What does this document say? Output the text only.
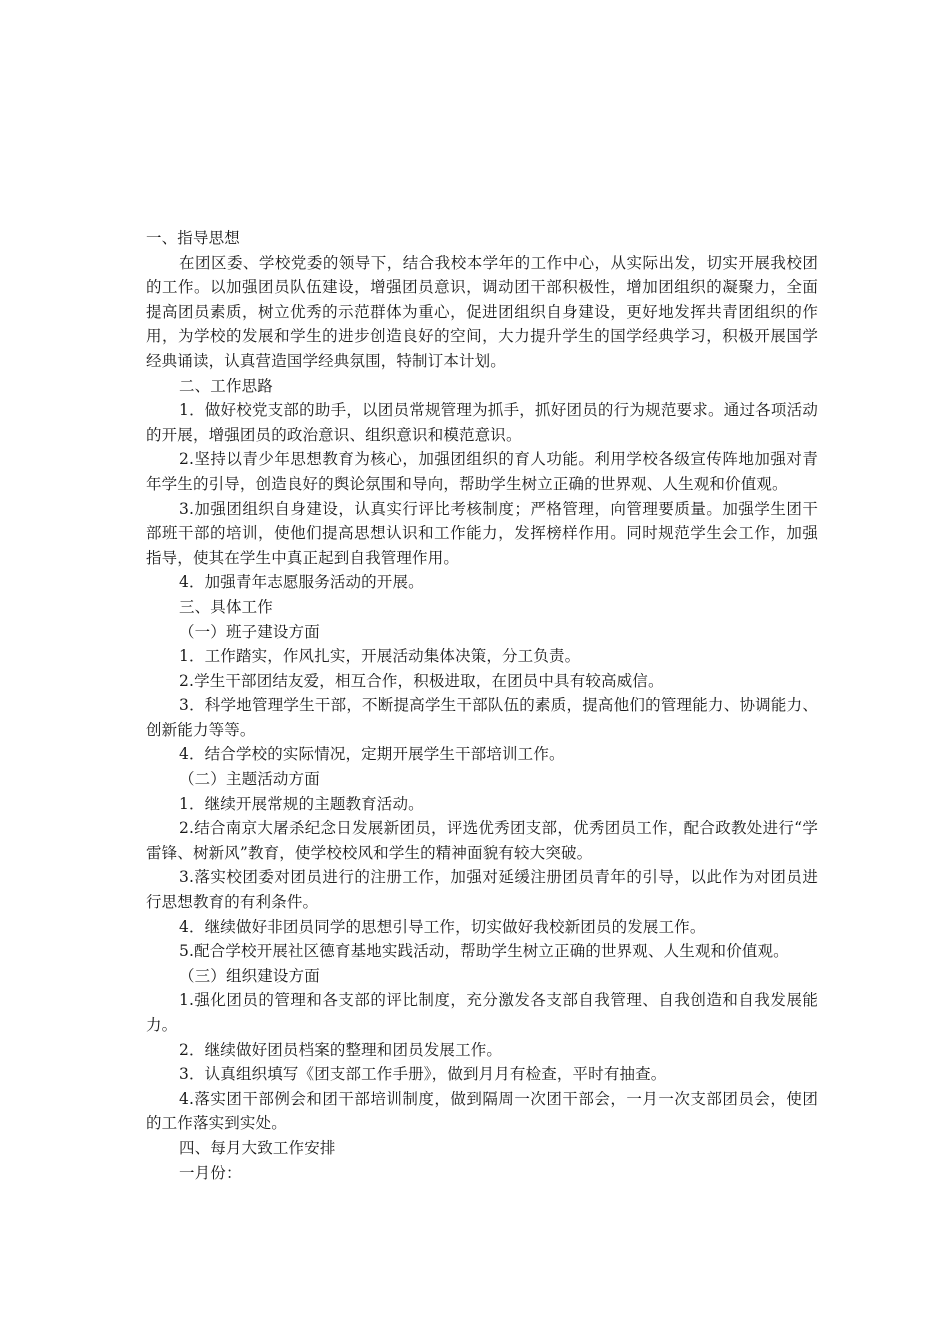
一、指导思想

在团区委、学校党委的领导下，结合我校本学年的工作中心，从实际出发，切实开展我校团的工作。以加强团员队伍建设，增强团员意识，调动团干部积极性，增加团组织的凝聚力，全面提高团员素质，树立优秀的示范群体为重心，促进团组织自身建设，更好地发挥共青团组织的作用，为学校的发展和学生的进步创造良好的空间，大力提升学生的国学经典学习，积极开展国学经典诵读，认真营造国学经典氛围，特制订本计划。

二、工作思路

1．做好校党支部的助手，以团员常规管理为抓手，抓好团员的行为规范要求。通过各项活动的开展，增强团员的政治意识、组织意识和模范意识。

2.坚持以青少年思想教育为核心，加强团组织的育人功能。利用学校各级宣传阵地加强对青年学生的引导，创造良好的舆论氛围和导向，帮助学生树立正确的世界观、人生观和价值观。

3.加强团组织自身建设，认真实行评比考核制度；严格管理，向管理要质量。加强学生团干部班干部的培训，使他们提高思想认识和工作能力，发挥榜样作用。同时规范学生会工作，加强指导，使其在学生中真正起到自我管理作用。

4．加强青年志愿服务活动的开展。

三、具体工作

（一）班子建设方面

1．工作踏实，作风扎实，开展活动集体决策，分工负责。

2.学生干部团结友爱，相互合作，积极进取，在团员中具有较高威信。

3．科学地管理学生干部，不断提高学生干部队伍的素质，提高他们的管理能力、协调能力、创新能力等等。

4．结合学校的实际情况，定期开展学生干部培训工作。

（二）主题活动方面

1．继续开展常规的主题教育活动。

2.结合南京大屠杀纪念日发展新团员，评选优秀团支部，优秀团员工作，配合政教处进行“学雷锋、树新风”教育，使学校校风和学生的精神面貌有较大突破。

3.落实校团委对团员进行的注册工作，加强对延缓注册团员青年的引导，以此作为对团员进行思想教育的有利条件。

4．继续做好非团员同学的思想引导工作，切实做好我校新团员的发展工作。

5.配合学校开展社区德育基地实践活动，帮助学生树立正确的世界观、人生观和价值观。

（三）组织建设方面

1.强化团员的管理和各支部的评比制度，充分激发各支部自我管理、自我创造和自我发展能力。

2．继续做好团员档案的整理和团员发展工作。

3．认真组织填写《团支部工作手册》，做到月月有检查，平时有抽查。

4.落实团干部例会和团干部培训制度，做到隔周一次团干部会，一月一次支部团员会，使团的工作落实到实处。

四、每月大致工作安排

一月份：
